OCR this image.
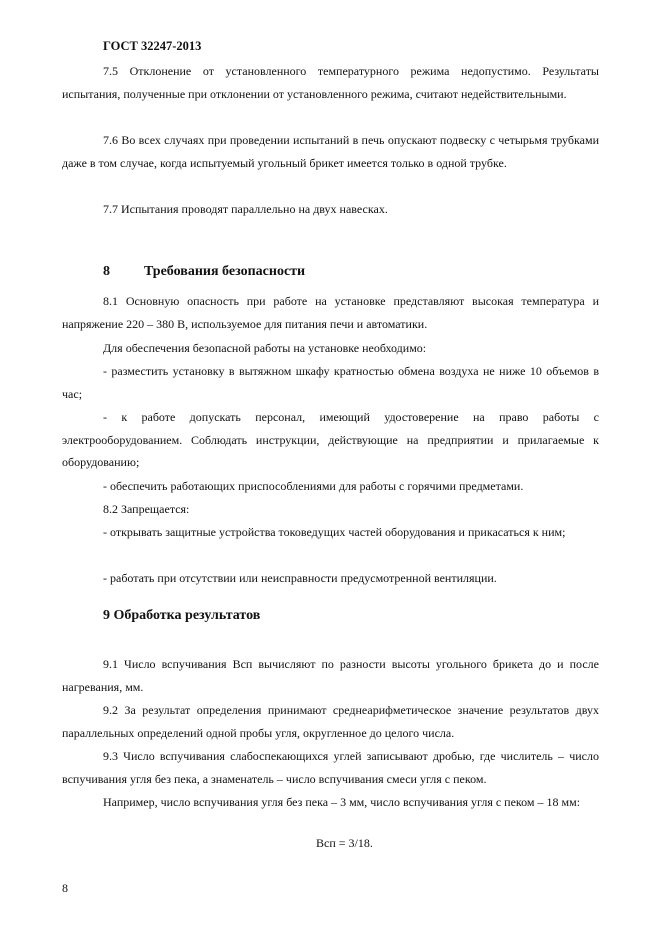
ГОСТ 32247-2013

7.5 Отклонение от установленного температурного режима недопустимо. Результаты испытания, полученные при отклонении от установленного режима, считают недействительными.

7.6 Во всех случаях при проведении испытаний в печь опускают подвеску с четырьмя трубками даже в том случае, когда испытуемый угольный брикет имеется только в одной трубке.

7.7 Испытания проводят параллельно на двух навесках.

8 Требования безопасности

8.1 Основную опасность при работе на установке представляют высокая температура и напряжение 220 – 380 В, используемое для питания печи и автоматики.

Для обеспечения безопасной работы на установке необходимо:

- разместить установку в вытяжном шкафу кратностью обмена воздуха не ниже 10 объемов в час;

- к работе допускать персонал, имеющий удостоверение на право работы с электрооборудованием. Соблюдать инструкции, действующие на предприятии и прилагаемые к оборудованию;

- обеспечить работающих приспособлениями для работы с горячими предметами.

8.2 Запрещается:

- открывать защитные устройства токоведущих частей оборудования и прикасаться к ним;

- работать при отсутствии или неисправности предусмотренной вентиляции.

9 Обработка результатов

9.1 Число вспучивания Всп вычисляют по разности высоты угольного брикета до и после нагревания, мм.

9.2 За результат определения принимают среднеарифметическое значение результатов двух параллельных определений одной пробы угля, округленное до целого числа.

9.3 Число вспучивания слабоспекающихся углей записывают дробью, где числитель – число вспучивания угля без пека, а знаменатель – число вспучивания смеси угля с пеком.

Например, число вспучивания угля без пека – 3 мм, число вспучивания угля с пеком – 18 мм:

Всп = 3/18.
8
